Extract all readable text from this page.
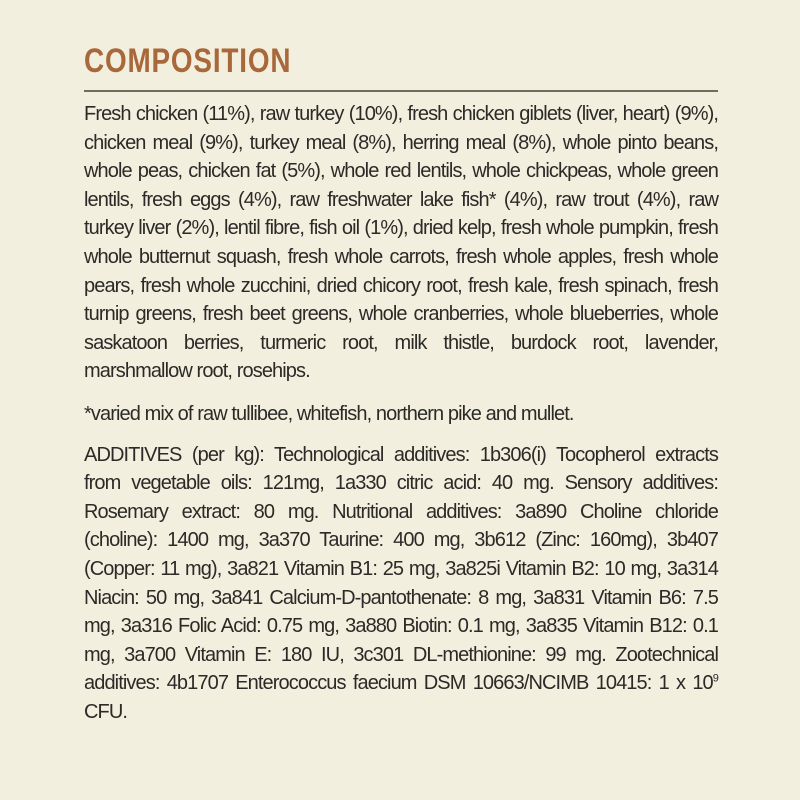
COMPOSITION

Fresh chicken (11%), raw turkey (10%), fresh chicken giblets (liver, heart) (9%), chicken meal (9%), turkey meal (8%), herring meal (8%), whole pinto beans, whole peas, chicken fat (5%), whole red lentils, whole chickpeas, whole green lentils, fresh eggs (4%), raw freshwater lake fish* (4%), raw trout (4%), raw turkey liver (2%), lentil fibre, fish oil (1%), dried kelp, fresh whole pumpkin, fresh whole butternut squash, fresh whole carrots, fresh whole apples, fresh whole pears, fresh whole zucchini, dried chicory root, fresh kale, fresh spinach, fresh turnip greens, fresh beet greens, whole cranberries, whole blueberries, whole saskatoon berries, turmeric root, milk thistle, burdock root, lavender, marshmallow root, rosehips.

*varied mix of raw tullibee, whitefish, northern pike and mullet.

ADDITIVES (per kg): Technological additives: 1b306(i) Tocopherol extracts from vegetable oils: 121mg, 1a330 citric acid: 40 mg. Sensory additives: Rosemary extract: 80 mg. Nutritional additives: 3a890 Choline chloride (choline): 1400 mg, 3a370 Taurine: 400 mg, 3b612 (Zinc: 160mg), 3b407 (Copper: 11 mg), 3a821 Vitamin B1: 25 mg, 3a825i Vitamin B2: 10 mg, 3a314 Niacin: 50 mg, 3a841 Calcium-D-pantothenate: 8 mg, 3a831 Vitamin B6: 7.5 mg, 3a316 Folic Acid: 0.75 mg, 3a880 Biotin: 0.1 mg, 3a835 Vitamin B12: 0.1 mg, 3a700 Vitamin E: 180 IU, 3c301 DL-methionine: 99 mg. Zootechnical additives: 4b1707 Enterococcus faecium DSM 10663/NCIMB 10415: 1 x $10^9$ CFU.
